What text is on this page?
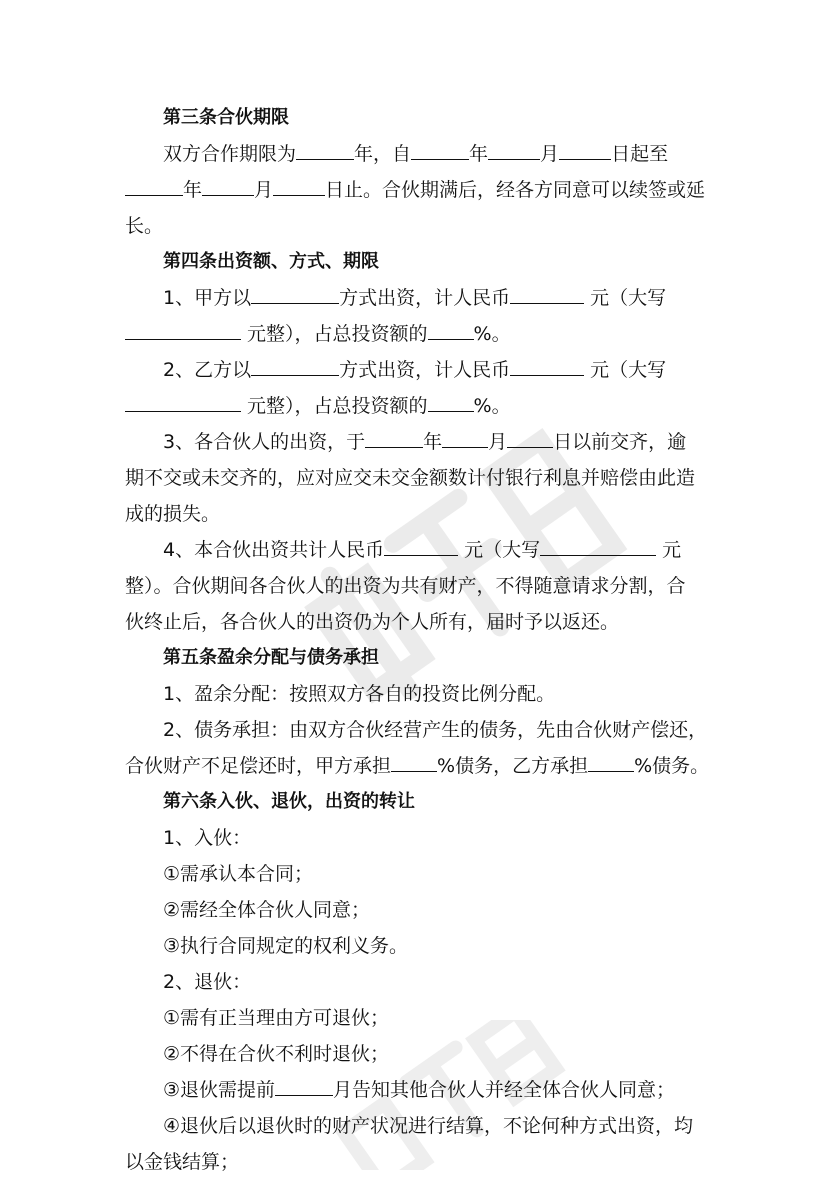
第三条合伙期限
双方合作期限为	年，自	年	月	日起至
年	月	日止。合伙期满后，经各方同意可以续签或延
长。
第四条出资额、方式、期限
1、甲方以	方式出资，计人民币	元（大写
元整），占总投资额的 %。
2、乙方以	方式出资，计人民币	元（大写
元整），占总投资额的 %。
3、各合伙人的出资，于	年 月 日以前交齐，逾
期不交或未交齐的，应对应交未交金额数计付银行利息并赔偿由此造
成的损失。
4、本合伙出资共计人民币	元（大写	元
整）。合伙期间各合伙人的出资为共有财产，不得随意请求分割，合
伙终止后，各合伙人的出资仍为个人所有，届时予以返还。
第五条盈余分配与债务承担
1、盈余分配：按照双方各自的投资比例分配。
2、债务承担：由双方合伙经营产生的债务，先由合伙财产偿还，
合伙财产不足偿还时，甲方承担 %债务，乙方承担 %债务。
第六条入伙、退伙，出资的转让
1、入伙：
①需承认本合同；
②需经全体合伙人同意；
③执行合同规定的权利义务。
2、退伙：
①需有正当理由方可退伙；
②不得在合伙不利时退伙；
③退伙需提前	月告知其他合伙人并经全体合伙人同意；
④退伙后以退伙时的财产状况进行结算，不论何种方式出资，均
以金钱结算；
